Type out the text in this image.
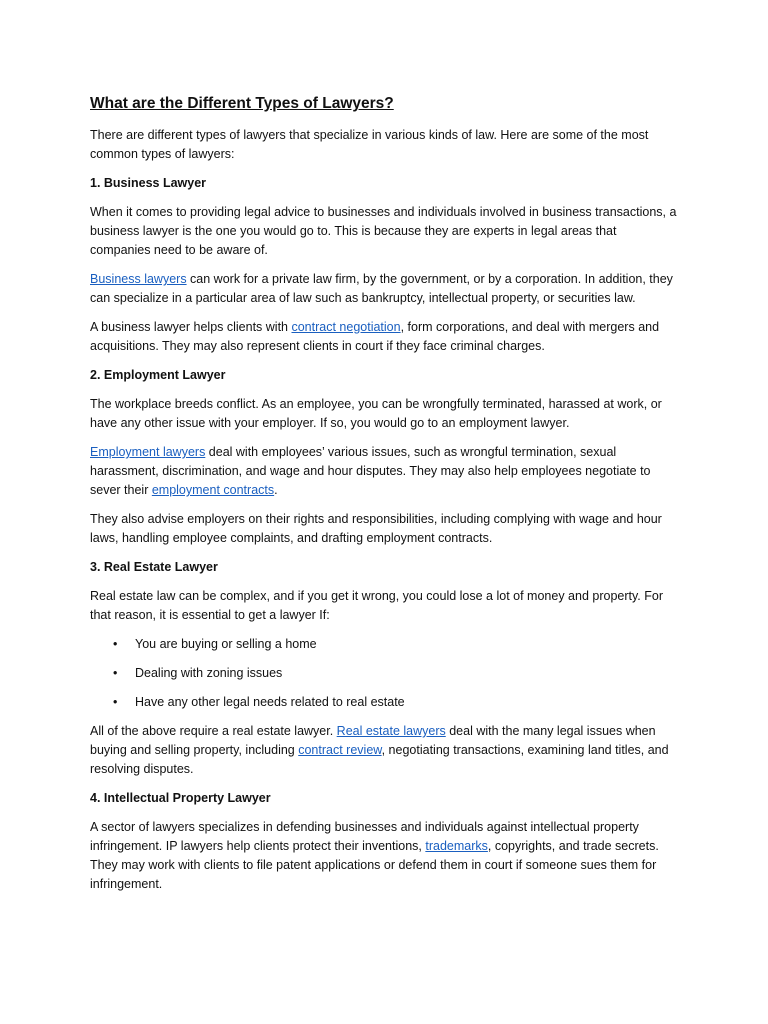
What are the Different Types of Lawyers?

There are different types of lawyers that specialize in various kinds of law. Here are some of the most common types of lawyers:

1. Business Lawyer

When it comes to providing legal advice to businesses and individuals involved in business transactions, a business lawyer is the one you would go to. This is because they are experts in legal areas that companies need to be aware of.

Business lawyers can work for a private law firm, by the government, or by a corporation. In addition, they can specialize in a particular area of law such as bankruptcy, intellectual property, or securities law.

A business lawyer helps clients with contract negotiation, form corporations, and deal with mergers and acquisitions. They may also represent clients in court if they face criminal charges.

2. Employment Lawyer

The workplace breeds conflict. As an employee, you can be wrongfully terminated, harassed at work, or have any other issue with your employer. If so, you would go to an employment lawyer.

Employment lawyers deal with employees’ various issues, such as wrongful termination, sexual harassment, discrimination, and wage and hour disputes. They may also help employees negotiate to sever their employment contracts.

They also advise employers on their rights and responsibilities, including complying with wage and hour laws, handling employee complaints, and drafting employment contracts.

3. Real Estate Lawyer

Real estate law can be complex, and if you get it wrong, you could lose a lot of money and property. For that reason, it is essential to get a lawyer If:

• You are buying or selling a home
• Dealing with zoning issues
• Have any other legal needs related to real estate

All of the above require a real estate lawyer. Real estate lawyers deal with the many legal issues when buying and selling property, including contract review, negotiating transactions, examining land titles, and resolving disputes.

4. Intellectual Property Lawyer

A sector of lawyers specializes in defending businesses and individuals against intellectual property infringement. IP lawyers help clients protect their inventions, trademarks, copyrights, and trade secrets. They may work with clients to file patent applications or defend them in court if someone sues them for infringement.
